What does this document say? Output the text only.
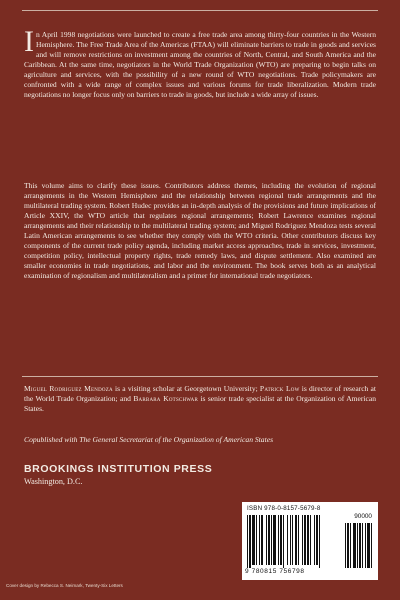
In April 1998 negotiations were launched to create a free trade area among thirty-four countries in the Western Hemisphere. The Free Trade Area of the Americas (FTAA) will eliminate barriers to trade in goods and services and will remove restrictions on investment among the countries of North, Central, and South America and the Caribbean. At the same time, negotiators in the World Trade Organization (WTO) are preparing to begin talks on agriculture and services, with the possibility of a new round of WTO negotiations. Trade policymakers are confronted with a wide range of complex issues and various forums for trade liberalization. Modern trade negotiations no longer focus only on barriers to trade in goods, but include a wide array of issues.

This volume aims to clarify these issues. Contributors address themes, including the evolution of regional arrangements in the Western Hemisphere and the relationship between regional trade arrangements and the multilateral trading system. Robert Hudec provides an in-depth analysis of the provisions and future implications of Article XXIV, the WTO article that regulates regional arrangements; Robert Lawrence examines regional arrangements and their relationship to the multilateral trading system; and Miguel Rodriguez Mendoza tests several Latin American arrangements to see whether they comply with the WTO criteria. Other contributors discuss key components of the current trade policy agenda, including market access approaches, trade in services, investment, competition policy, intellectual property rights, trade remedy laws, and dispute settlement. Also examined are smaller economies in trade negotiations, and labor and the environment. The book serves both as an analytical examination of regionalism and multilateralism and a primer for international trade negotiators.

Miguel Rodriguez Mendoza is a visiting scholar at Georgetown University; Patrick Low is director of research at the World Trade Organization; and Barbara Kotschwar is senior trade specialist at the Organization of American States.

Copublished with The General Secretariat of the Organization of American States

BROOKINGS INSTITUTION PRESS

Washington, D.C.

ISBN 978-0-8157-5679-8

90000

9 780815 756798

Cover design by Rebecca S. Neimark, Twenty-Six Letters
